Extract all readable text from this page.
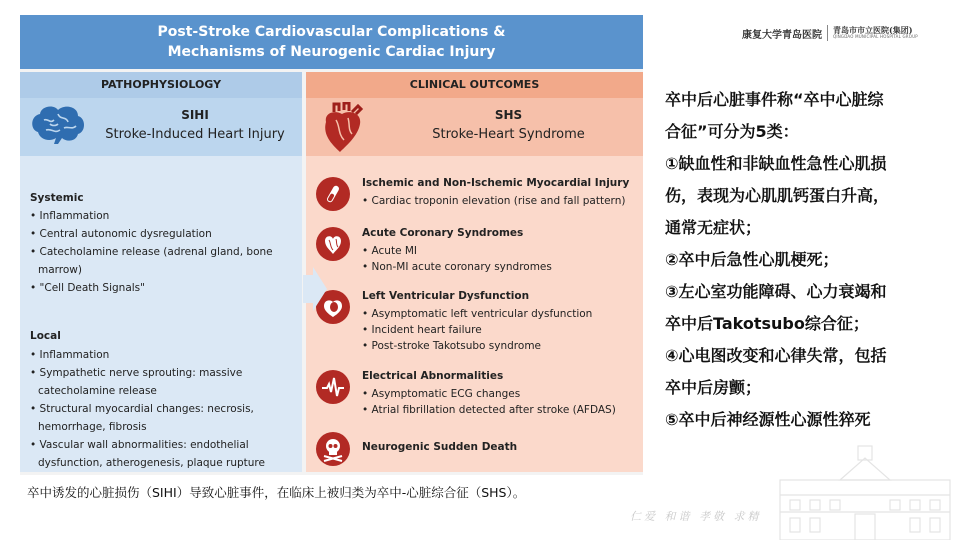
康复大学青岛医院 青岛市市立医院(集团)
QINGDAO MUNICIPAL HOSPITAL GROUP
Post-Stroke Cardiovascular Complications &
Mechanisms of Neurogenic Cardiac Injury
PATHOPHYSIOLOGY	CLINICAL OUTCOMES
SIHI
Stroke-Induced Heart Injury
SHS
Stroke-Heart Syndrome
Systemic
• Inflammation
• Central autonomic dysregulation
• Catecholamine release (adrenal gland, bone marrow)
• "Cell Death Signals"
Local
• Inflammation
• Sympathetic nerve sprouting: massive catecholamine release
• Structural myocardial changes: necrosis, hemorrhage, fibrosis
• Vascular wall abnormalities: endothelial dysfunction, atherogenesis, plaque rupture
Ischemic and Non-Ischemic Myocardial Injury
• Cardiac troponin elevation (rise and fall pattern)
Acute Coronary Syndromes
• Acute MI
• Non-MI acute coronary syndromes
Left Ventricular Dysfunction
• Asymptomatic left ventricular dysfunction
• Incident heart failure
• Post-stroke Takotsubo syndrome
Electrical Abnormalities
• Asymptomatic ECG changes
• Atrial fibrillation detected after stroke (AFDAS)
Neurogenic Sudden Death
卒中后心脏事件称“卒中心脏综
合征”可分为5类：
①缺血性和非缺血性急性心肌损
伤，表现为心肌肌钙蛋白升高，
通常无症状；
②卒中后急性心肌梗死；
③左心室功能障碍、心力衰竭和
卒中后Takotsubo综合征；
④心电图改变和心律失常，包括
卒中后房颤；
⑤卒中后神经源性心源性猝死
卒中诱发的心脏损伤（SIHI）导致心脏事件，在临床上被归类为卒中-心脏综合征（SHS）。
仁爱 和谐 孝敬 求精
